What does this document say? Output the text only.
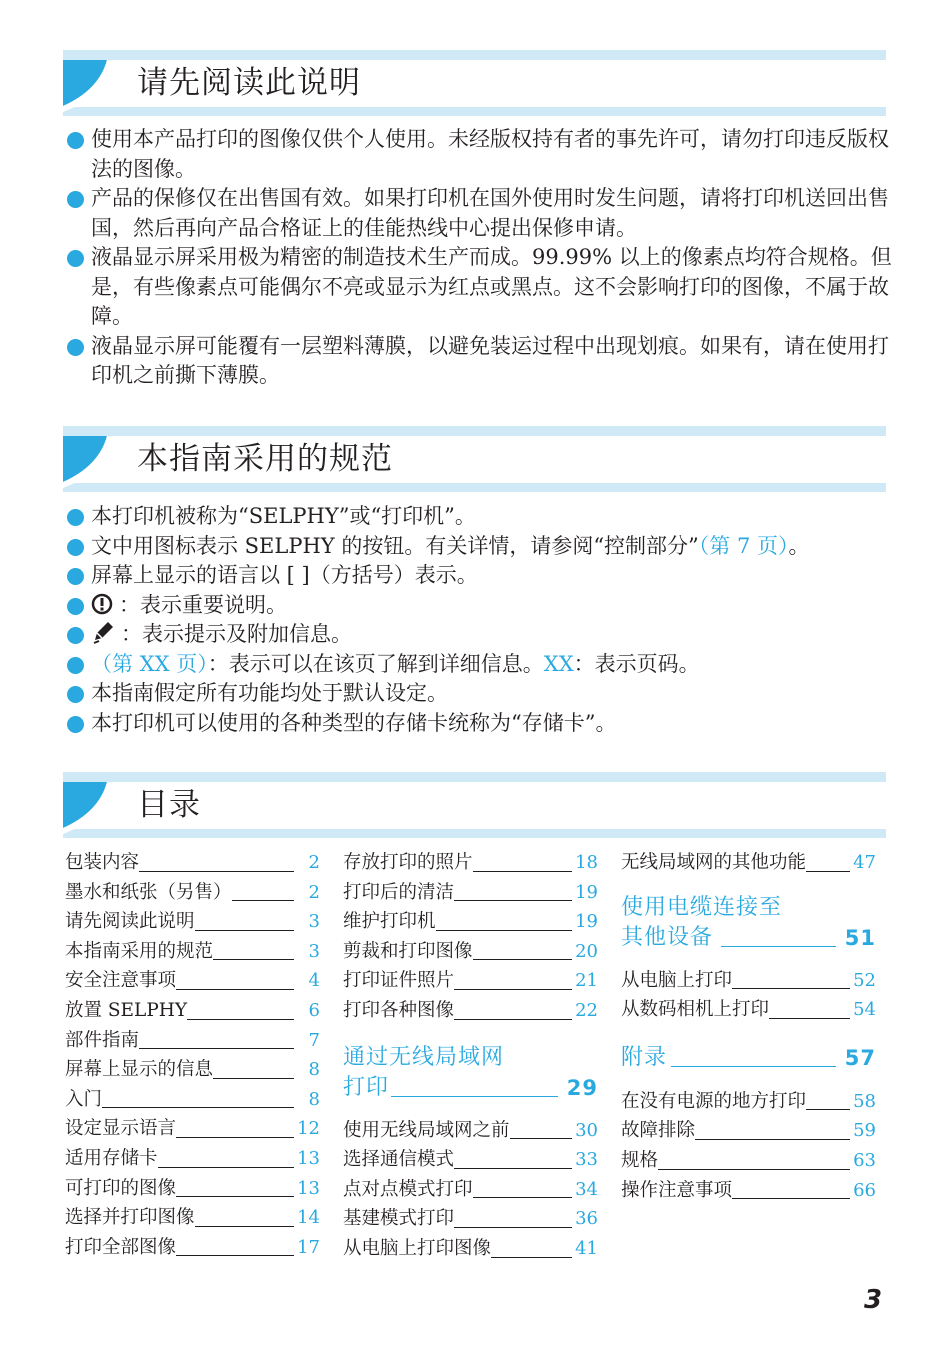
请先阅读此说明
使用本产品打印的图像仅供个人使用。未经版权持有者的事先许可，请勿打印违反版权法的图像。
产品的保修仅在出售国有效。如果打印机在国外使用时发生问题，请将打印机送回出售国，然后再向产品合格证上的佳能热线中心提出保修申请。
液晶显示屏采用极为精密的制造技术生产而成。99.99% 以上的像素点均符合规格。但是，有些像素点可能偶尔不亮或显示为红点或黑点。这不会影响打印的图像，不属于故障。
液晶显示屏可能覆有一层塑料薄膜，以避免装运过程中出现划痕。如果有，请在使用打印机之前撕下薄膜。
本指南采用的规范
本打印机被称为“SELPHY”或“打印机”。
文中用图标表示 SELPHY 的按钮。有关详情，请参阅“控制部分”（第 7 页）。
屏幕上显示的语言以 [ ]（方括号）表示。
：表示重要说明。
：表示提示及附加信息。
（第 XX 页）：表示可以在该页了解到详细信息。XX：表示页码。
本指南假定所有功能均处于默认设定。
本打印机可以使用的各种类型的存储卡统称为“存储卡”。
目录
包装内容	2
墨水和纸张（另售）	2
请先阅读此说明	3
本指南采用的规范	3
安全注意事项	4
放置 SELPHY	6
部件指南	7
屏幕上显示的信息	8
入门	8
设定显示语言	12
适用存储卡	13
可打印的图像	13
选择并打印图像	14
打印全部图像	17
存放打印的照片	18
打印后的清洁	19
维护打印机	19
剪裁和打印图像	20
打印证件照片	21
打印各种图像	22
通过无线局域网
打印	29
使用无线局域网之前	30
选择通信模式	33
点对点模式打印	34
基建模式打印	36
从电脑上打印图像	41
无线局域网的其他功能	47
使用电缆连接至
其他设备	51
从电脑上打印	52
从数码相机上打印	54
附录	57
在没有电源的地方打印	58
故障排除	59
规格	63
操作注意事项	66
3
